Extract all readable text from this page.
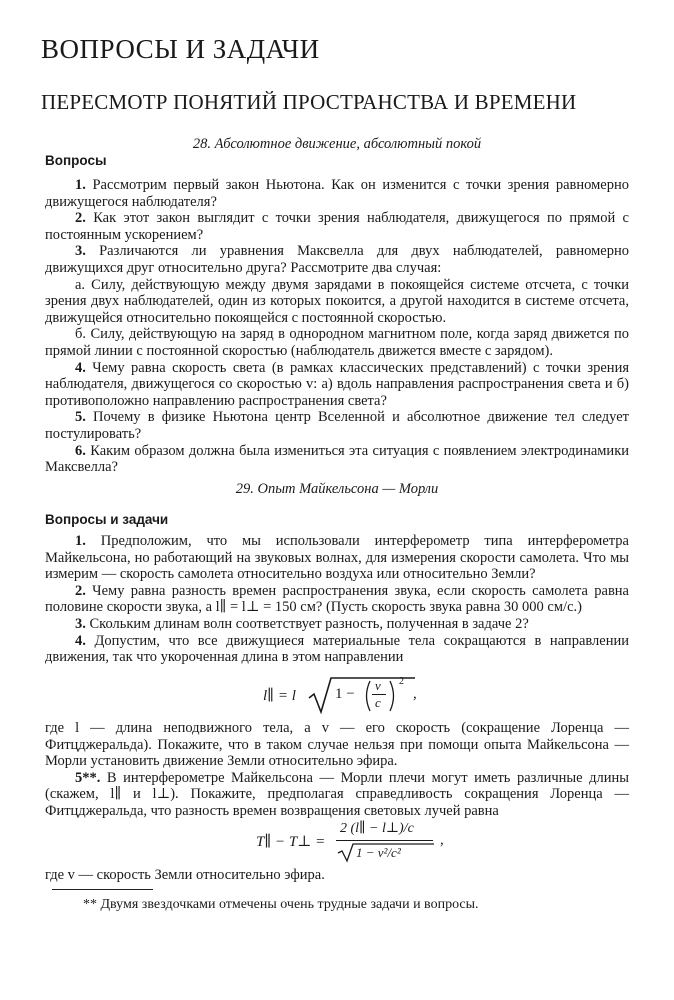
ВОПРОСЫ И ЗАДАЧИ
ПЕРЕСМОТР ПОНЯТИЙ ПРОСТРАНСТВА И ВРЕМЕНИ
28. Абсолютное движение, абсолютный покой
Вопросы

1. Рассмотрим первый закон Ньютона. Как он изменится с точки зрения равномерно движущегося наблюдателя?

2. Как этот закон выглядит с точки зрения наблюдателя, движущегося по прямой с постоянным ускорением?

3. Различаются ли уравнения Максвелла для двух наблюдателей, равномерно движущихся друг относительно друга? Рассмотрите два случая:

а. Силу, действующую между двумя зарядами в покоящейся системе отсчета, с точки зрения двух наблюдателей, один из которых покоится, а другой находится в системе отсчета, движущейся относительно покоящейся с постоянной скоростью.

б. Силу, действующую на заряд в однородном магнитном поле, когда заряд движется по прямой линии с постоянной скоростью (наблюдатель движется вместе с зарядом).

4. Чему равна скорость света (в рамках классических представлений) с точки зрения наблюдателя, движущегося со скоростью v: а) вдоль направления распространения света и б) противоположно направлению распространения света?

5. Почему в физике Ньютона центр Вселенной и абсолютное движение тел следует постулировать?

6. Каким образом должна была измениться эта ситуация с появлением электродинамики Максвелла?

29. Опыт Майкельсона — Морли
Вопросы и задачи

1. Предположим, что мы использовали интерферометр типа интерферометра Майкельсона, но работающий на звуковых волнах, для измерения скорости самолета. Что мы измерим — скорость самолета относительно воздуха или относительно Земли?

2. Чему равна разность времен распространения звука, если скорость самолета равна половине скорости звука, а l∥ = l⊥ = 150 см? (Пусть скорость звука равна 30 000 см/с.)

3. Скольким длинам волн соответствует разность, полученная в задаче 2?

4. Допустим, что все движущиеся материальные тела сокращаются в направлении движения, так что укороченная длина в этом направлении

l∥ = l	1 −
v
c
2
,

где l — длина неподвижного тела, а v — его скорость (сокращение Лоренца — Фитцджеральда). Покажите, что в таком случае нельзя при помощи опыта Майкельсона — Морли установить движение Земли относительно эфира.

5**. В интерферометре Майкельсона — Морли плечи могут иметь различные длины (скажем, l∥ и l⊥). Покажите, предполагая справедливость сокращения Лоренца — Фитцджеральда, что разность времен возвращения световых лучей равна

T∥ − T⊥ =
2 (l∥ − l⊥)/c
1 − v²/c²
,

где v — скорость Земли относительно эфира.

** Двумя звездочками отмечены очень трудные задачи и вопросы.
